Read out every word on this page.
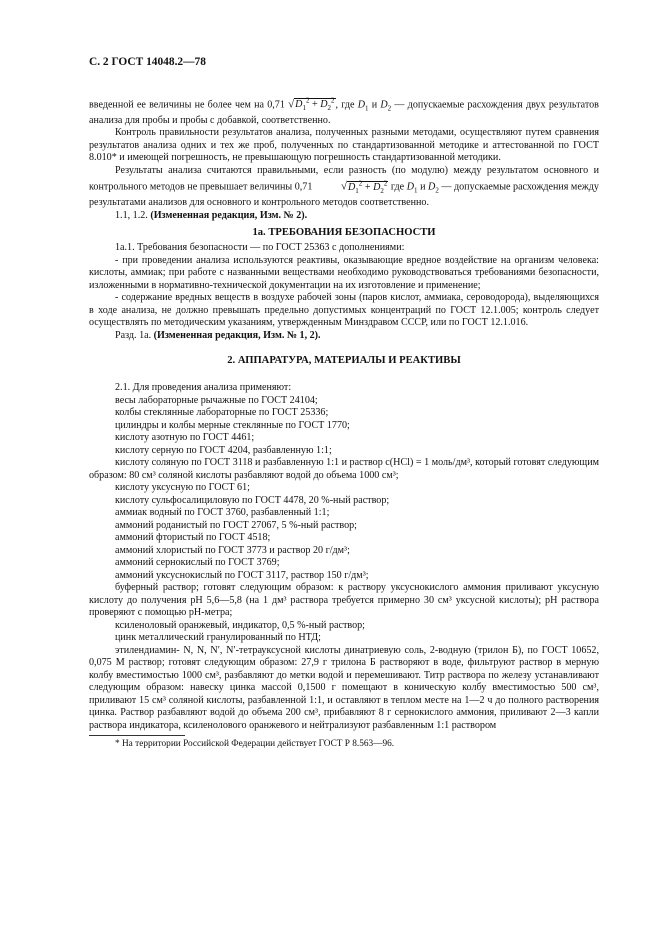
С. 2 ГОСТ 14048.2—78

введенной ее величины не более чем на 0,71 $√D_1^2 + D_2^2$, где $D_1$ и $D_2$ — допускаемые расхождения двух результатов анализа для пробы и пробы с добавкой, соответственно.

Контроль правильности результатов анализа, полученных разными методами, осуществляют путем сравнения результатов анализа одних и тех же проб, полученных по стандартизованной методике и аттестованной по ГОСТ 8.010* и имеющей погрешность, не превышающую погрешность стандартизованной методики.

Результаты анализа считаются правильными, если разность (по модулю) между результатом основного и контрольного методов не превышает величины 0,71	$√D_1^2 + D_2^2$ где $D_1$ и $D_2$ — допускаемые расхождения между результатами анализов для основного и контрольного методов соответственно.

1.1, 1.2. (Измененная редакция, Изм. № 2).

1а. ТРЕБОВАНИЯ БЕЗОПАСНОСТИ

1а.1. Требования безопасности — по ГОСТ 25363 с дополнениями:

- при проведении анализа используются реактивы, оказывающие вредное воздействие на организм человека: кислоты, аммиак; при работе с названными веществами необходимо руководствоваться требованиями безопасности, изложенными в нормативно-технической документации на их изготовление и применение;

- содержание вредных веществ в воздухе рабочей зоны (паров кислот, аммиака, сероводорода), выделяющихся в ходе анализа, не должно превышать предельно допустимых концентраций по ГОСТ 12.1.005; контроль следует осуществлять по методическим указаниям, утвержденным Минздравом СССР, или по ГОСТ 12.1.016.

Разд. 1а. (Измененная редакция, Изм. № 1, 2).

2. АППАРАТУРА, МАТЕРИАЛЫ И РЕАКТИВЫ

2.1. Для проведения анализа применяют:

весы лабораторные рычажные по ГОСТ 24104;

колбы стеклянные лабораторные по ГОСТ 25336;

цилиндры и колбы мерные стеклянные по ГОСТ 1770;

кислоту азотную по ГОСТ 4461;

кислоту серную по ГОСТ 4204, разбавленную 1:1;

кислоту соляную по ГОСТ 3118 и разбавленную 1:1 и раствор c(HCl) = 1 моль/дм³, который готовят следующим образом: 80 см³ соляной кислоты разбавляют водой до объема 1000 см³;

кислоту уксусную по ГОСТ 61;

кислоту сульфосалициловую по ГОСТ 4478, 20 %-ный раствор;

аммиак водный по ГОСТ 3760, разбавленный 1:1;

аммоний роданистый по ГОСТ 27067, 5 %-ный раствор;

аммоний фтористый по ГОСТ 4518;

аммоний хлористый по ГОСТ 3773 и раствор 20 г/дм³;

аммоний сернокислый по ГОСТ 3769;

аммоний уксуснокислый по ГОСТ 3117, раствор 150 г/дм³;

буферный раствор; готовят следующим образом: к раствору уксуснокислого аммония приливают уксусную кислоту до получения pH 5,6—5,8 (на 1 дм³ раствора требуется примерно 30 см³ уксусной кислоты); pH раствора проверяют с помощью pH-метра;

ксиленоловый оранжевый, индикатор, 0,5 %-ный раствор;

цинк металлический гранулированный по НТД;

этилендиамин- N, N, N′, N′-тетрауксусной кислоты динатриевую соль, 2-водную (трилон Б), по ГОСТ 10652, 0,075 М раствор; готовят следующим образом: 27,9 г трилона Б растворяют в воде, фильтруют раствор в мерную колбу вместимостью 1000 см³, разбавляют до метки водой и перемешивают. Титр раствора по железу устанавливают следующим образом: навеску цинка массой 0,1500 г помещают в коническую колбу вместимостью 500 см³, приливают 15 см³ соляной кислоты, разбавленной 1:1, и оставляют в теплом месте на 1—2 ч до полного растворения цинка. Раствор разбавляют водой до объема 200 см³, прибавляют 8 г сернокислого аммония, приливают 2—3 капли раствора индикатора, ксиленолового оранжевого и нейтрализуют разбавленным 1:1 раствором

* На территории Российской Федерации действует ГОСТ Р 8.563—96.
